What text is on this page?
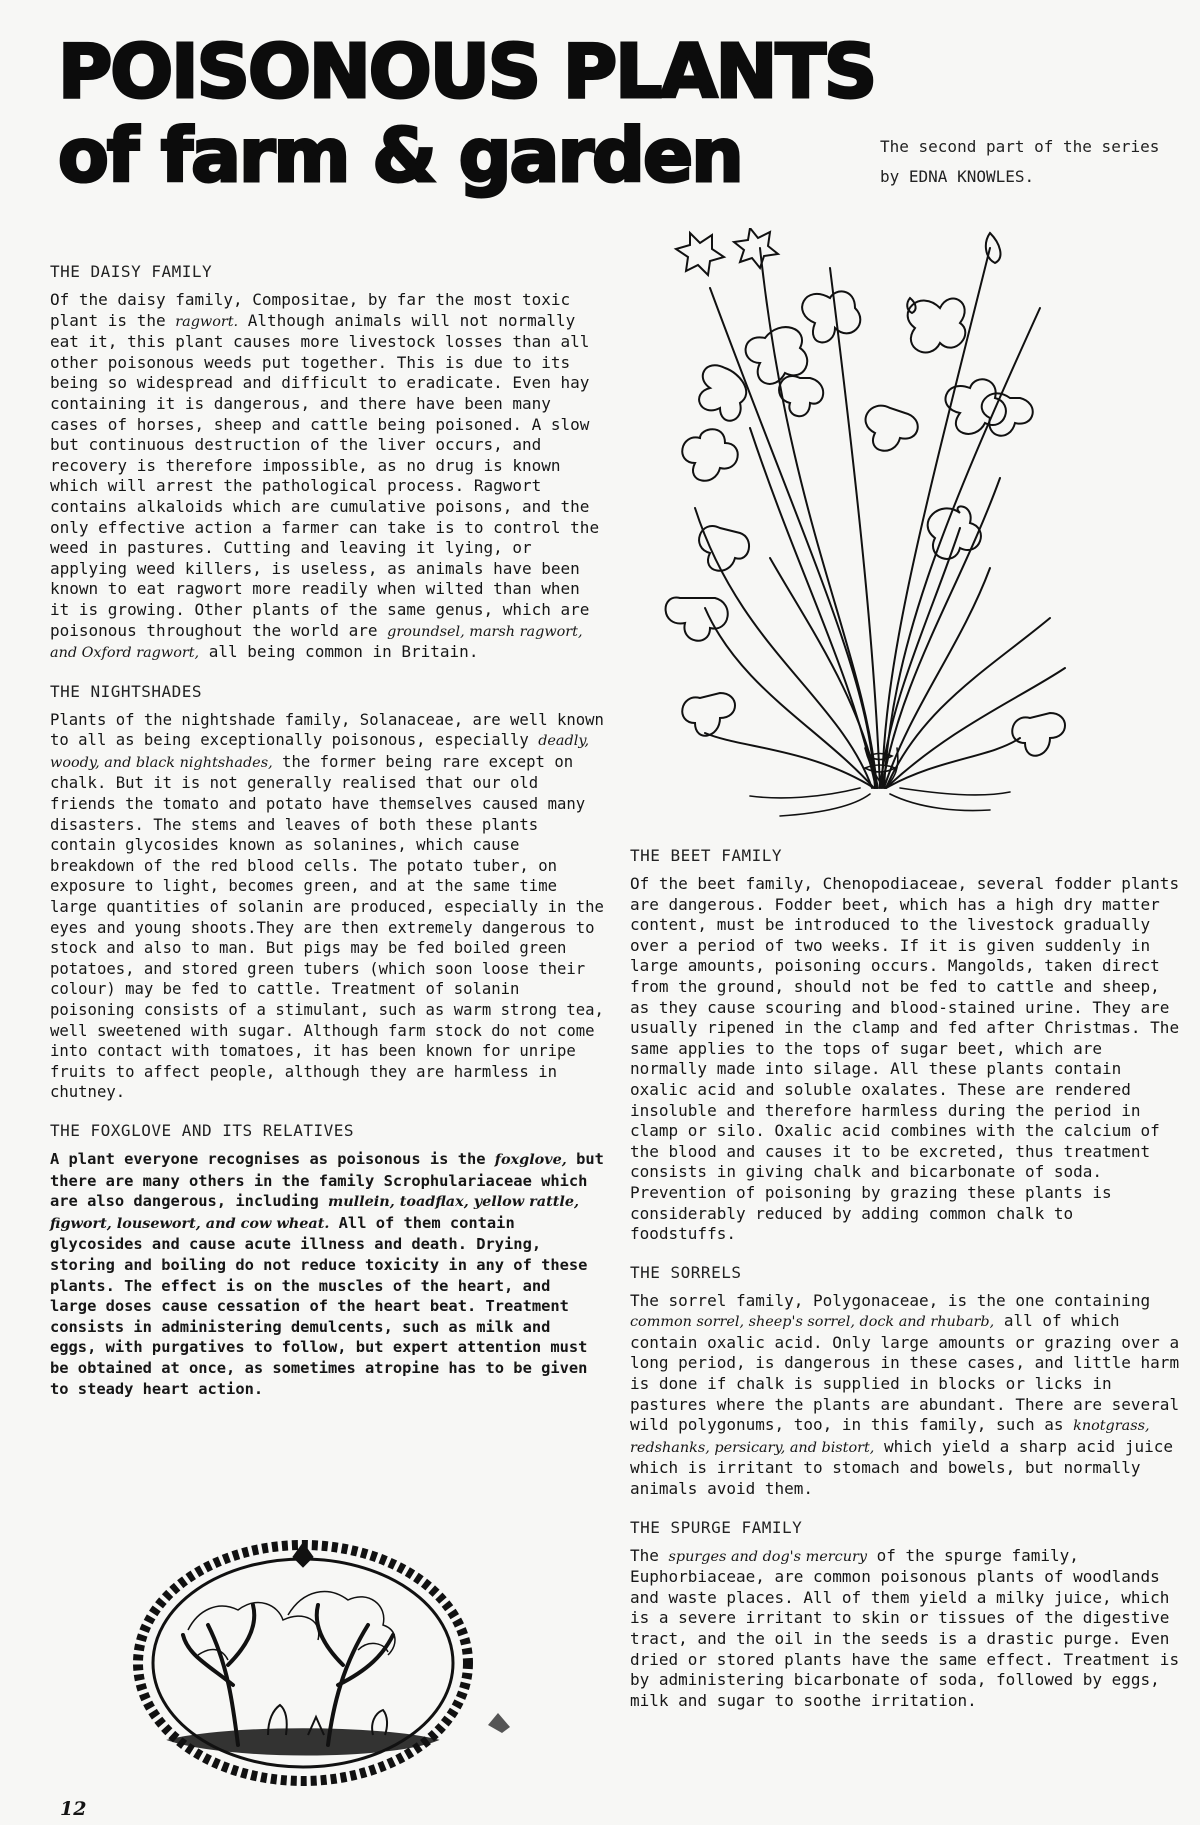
POISONOUS PLANTS
of farm & garden	The second part of the series
by EDNA KNOWLES.
THE DAISY FAMILY

Of the daisy family, Compositae, by far the most toxic plant is the ragwort. Although animals will not normally eat it, this plant causes more livestock losses than all other poisonous weeds put together. This is due to its being so widespread and difficult to eradicate. Even hay containing it is dangerous, and there have been many cases of horses, sheep and cattle being poisoned. A slow but continuous destruction of the liver occurs, and recovery is therefore impossible, as no drug is known which will arrest the pathological process. Ragwort contains alkaloids which are cumulative poisons, and the only effective action a farmer can take is to control the weed in pastures. Cutting and leaving it lying, or applying weed killers, is useless, as animals have been known to eat ragwort more readily when wilted than when it is growing. Other plants of the same genus, which are poisonous throughout the world are groundsel, marsh ragwort, and Oxford ragwort, all being common in Britain.

THE NIGHTSHADES

Plants of the nightshade family, Solanaceae, are well known to all as being exceptionally poisonous, especially deadly, woody, and black nightshades, the former being rare except on chalk. But it is not generally realised that our old friends the tomato and potato have themselves caused many disasters. The stems and leaves of both these plants contain glycosides known as solanines, which cause breakdown of the red blood cells. The potato tuber, on exposure to light, becomes green, and at the same time large quantities of solanin are produced, especially in the eyes and young shoots.They are then extremely dangerous to stock and also to man. But pigs may be fed boiled green potatoes, and stored green tubers (which soon loose their colour) may be fed to cattle. Treatment of solanin poisoning consists of a stimulant, such as warm strong tea, well sweetened with sugar. Although farm stock do not come into contact with tomatoes, it has been known for unripe fruits to affect people, although they are harmless in chutney.

THE FOXGLOVE AND ITS RELATIVES

A plant everyone recognises as poisonous is the foxglove, but there are many others in the family Scrophulariaceae which are also dangerous, including mullein, toadflax, yellow rattle, figwort, lousewort, and cow wheat. All of them contain glycosides and cause acute illness and death. Drying, storing and boiling do not reduce toxicity in any of these plants. The effect is on the muscles of the heart, and large doses cause cessation of the heart beat. Treatment consists in administering demulcents, such as milk and eggs, with purgatives to follow, but expert attention must be obtained at once, as sometimes atropine has to be given to steady heart action.

THE BEET FAMILY

Of the beet family, Chenopodiaceae, several fodder plants are dangerous. Fodder beet, which has a high dry matter content, must be introduced to the livestock gradually over a period of two weeks. If it is given suddenly in large amounts, poisoning occurs. Mangolds, taken direct from the ground, should not be fed to cattle and sheep, as they cause scouring and blood-stained urine. They are usually ripened in the clamp and fed after Christmas. The same applies to the tops of sugar beet, which are normally made into silage. All these plants contain oxalic acid and soluble oxalates. These are rendered insoluble and therefore harmless during the period in clamp or silo. Oxalic acid combines with the calcium of the blood and causes it to be excreted, thus treatment consists in giving chalk and bicarbonate of soda. Prevention of poisoning by grazing these plants is considerably reduced by adding common chalk to foodstuffs.

THE SORRELS

The sorrel family, Polygonaceae, is the one containing common sorrel, sheep's sorrel, dock and rhubarb, all of which contain oxalic acid. Only large amounts or grazing over a long period, is dangerous in these cases, and little harm is done if chalk is supplied in blocks or licks in pastures where the plants are abundant. There are several wild polygonums, too, in this family, such as knotgrass, redshanks, persicary, and bistort, which yield a sharp acid juice which is irritant to stomach and bowels, but normally animals avoid them.

THE SPURGE FAMILY

The spurges and dog's mercury of the spurge family, Euphorbiaceae, are common poisonous plants of woodlands and waste places. All of them yield a milky juice, which is a severe irritant to skin or tissues of the digestive tract, and the oil in the seeds is a drastic purge. Even dried or stored plants have the same effect. Treatment is by administering bicarbonate of soda, followed by eggs, milk and sugar to soothe irritation.

12
